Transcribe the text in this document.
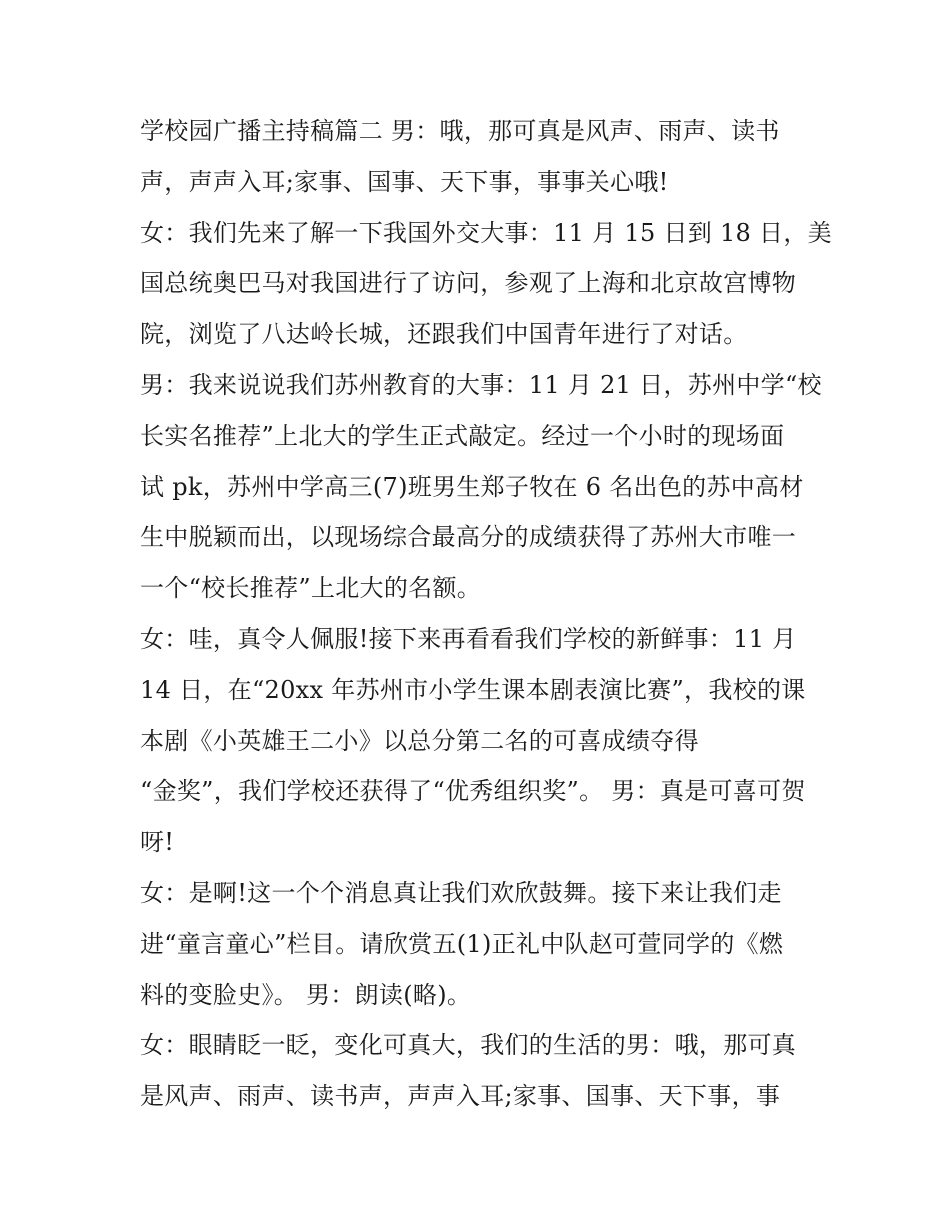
学校园广播主持稿篇二 男：哦，那可真是风声、雨声、读书
声，声声入耳;家事、国事、天下事，事事关心哦!
女：我们先来了解一下我国外交大事：11 月 15 日到 18 日，美
国总统奥巴马对我国进行了访问，参观了上海和北京故宫博物
院，浏览了八达岭长城，还跟我们中国青年进行了对话。
男：我来说说我们苏州教育的大事：11 月 21 日，苏州中学“校
长实名推荐”上北大的学生正式敲定。经过一个小时的现场面
试 pk，苏州中学高三(7)班男生郑子牧在 6 名出色的苏中高材
生中脱颖而出，以现场综合最高分的成绩获得了苏州大市唯一
一个“校长推荐”上北大的名额。
女：哇，真令人佩服!接下来再看看我们学校的新鲜事：11 月
14 日，在“20xx 年苏州市小学生课本剧表演比赛”，我校的课
本剧《小英雄王二小》以总分第二名的可喜成绩夺得
“金奖”，我们学校还获得了“优秀组织奖”。 男：真是可喜可贺
呀!
女：是啊!这一个个消息真让我们欢欣鼓舞。接下来让我们走
进“童言童心”栏目。请欣赏五(1)正礼中队赵可萱同学的《燃
料的变脸史》。 男：朗读(略)。
女：眼睛眨一眨，变化可真大，我们的生活的男：哦，那可真
是风声、雨声、读书声，声声入耳;家事、国事、天下事，事
